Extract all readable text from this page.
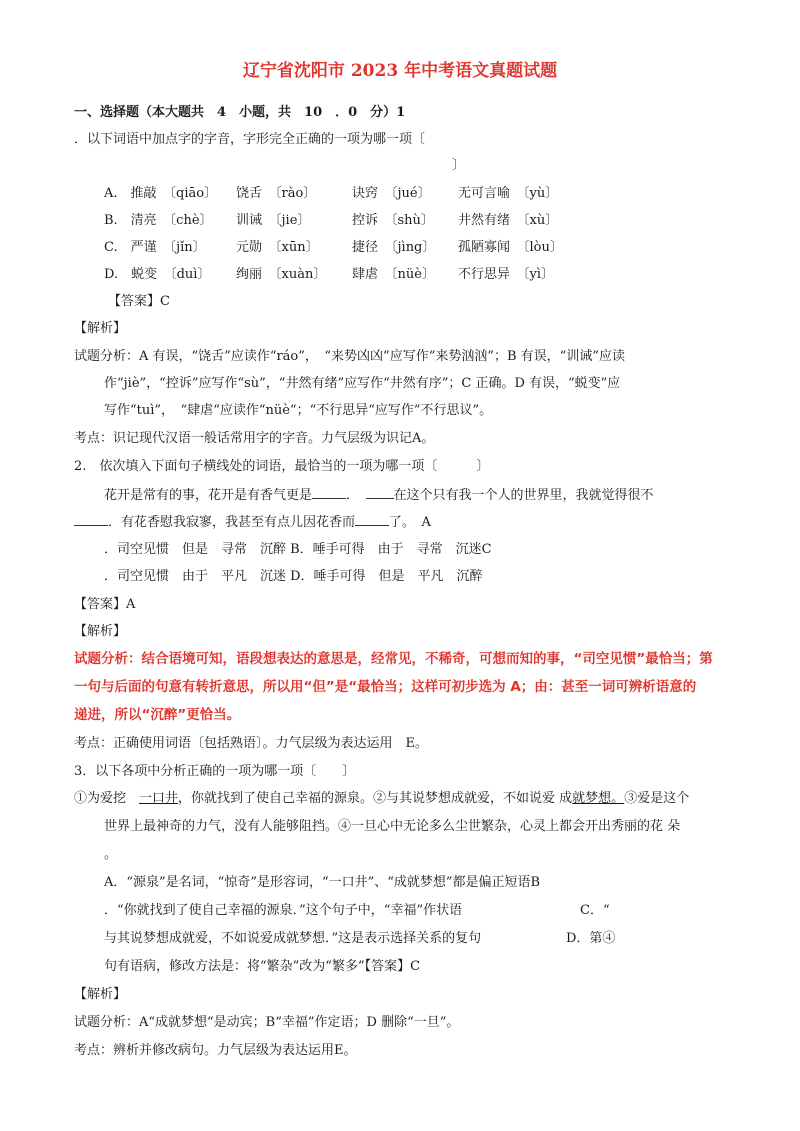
辽宁省沈阳市 2023 年中考语文真题试题
一、选择题（本大题共　4　小题，共　10　．0　分）1
．以下词语中加点字的字音，字形完全正确的一项为哪一项〔
〕
A.　推敲　〔qiāo〕 饶舌　〔rào〕	诀窍　〔jué〕 无可言喻　〔yù〕
B.　清亮　〔chè〕 训诫　〔jie〕	控诉　〔shù〕 井然有绪　〔xù〕
C.　严谨　〔jǐn〕 元勋　〔xūn〕	捷径　〔jìng〕 孤陋寡闻　〔lòu〕
D.　蜕变　〔duì〕 绚丽　〔xuàn〕 肆虐　〔nüè〕 不行思异　〔yì〕
【答案】C
【解析】
试题分析：A 有误，“饶舌”应读作“ráo”，　“来势凶凶”应写作“来势汹汹”；B 有误，“训诫”应读
作“jiè”，“控诉”应写作“sù”，“井然有绪”应写作“井然有序”；C 正确。D 有误，“蜕变”应
写作“tuì”，　“肆虐“应读作“nüè“；“不行思异“应写作”不行思议”。
考点：识记现代汉语一般话常用字的字音。力气层级为识记A。
2.　依次填入下面句子横线处的词语，最恰当的一项为哪一项〔　　　〕
花开是常有的事，花开是有香气更是	．　	在这个只有我一个人的世界里，我就觉得很不
．有花香慰我寂寥，我甚至有点儿因花香而	了。　A
．司空见惯　但是　寻常　沉醉 B．唾手可得　由于　寻常　沉迷C
．司空见惯　由于　平凡　沉迷 D．唾手可得　但是　平凡　沉醉
【答案】A
【解析】
试题分析：结合语境可知，语段想表达的意思是，经常见，不稀奇，可想而知的事，“司空见惯”最恰当；第
一句与后面的句意有转折意思，所以用“但”是“最恰当；这样可初步选为 A；由：甚至一词可辨析语意的
递进，所以“沉醉”更恰当。
考点：正确使用词语〔包括熟语〕。力气层级为表达运用　E。
3．以下各项中分析正确的一项为哪一项〔　　〕
①为爱挖　一口井，你就找到了使自己幸福的源泉。②与其说梦想成就爱，不如说爱 成就梦想。③爱是这个
世界上最神奇的力气，没有人能够阻挡。④一旦心中无论多么尘世繁杂，心灵上都会开出秀丽的花 朵
。
A．“源泉”是名词，“惊奇”是形容词，“一口井”、“成就梦想”都是偏正短语B
．“你就找到了使自己幸福的源泉．”这个句子中，“幸福”作状语	C．“
与其说梦想成就爱，不如说爱成就梦想．”这是表示选择关系的复句	D．第④
句有语病，修改方法是：将“繁杂”改为“繁多”【答案】C
【解析】
试题分析：A“成就梦想“是动宾；B“幸福”作定语；D 删除“一旦”。
考点：辨析并修改病句。力气层级为表达运用E。
